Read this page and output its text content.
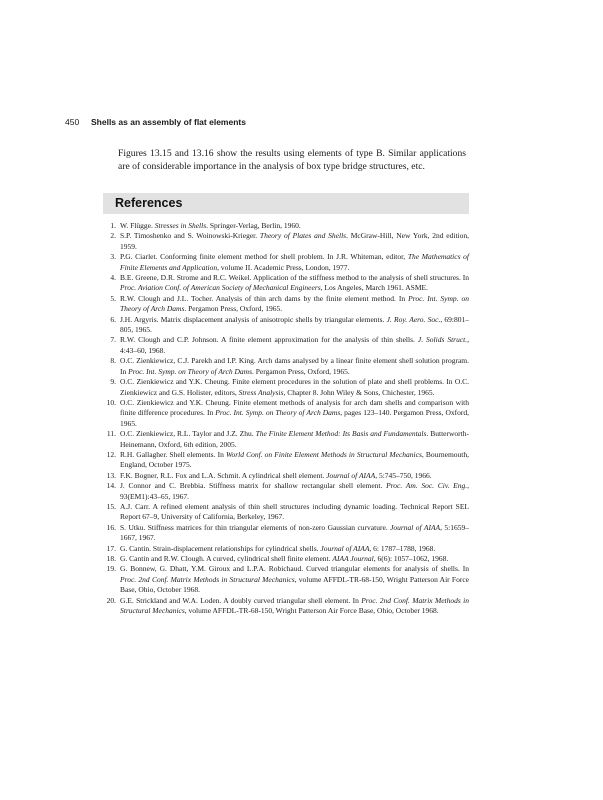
450 Shells as an assembly of flat elements

Figures 13.15 and 13.16 show the results using elements of type B. Similar applications are of considerable importance in the analysis of box type bridge structures, etc.

References
1. W. Flügge. Stresses in Shells. Springer-Verlag, Berlin, 1960.
2. S.P. Timoshenko and S. Woinowski-Krieger. Theory of Plates and Shells. McGraw-Hill, New York, 2nd edition, 1959.
3. P.G. Ciarlet. Conforming finite element method for shell problem. In J.R. Whiteman, editor, The Mathematics of Finite Elements and Application, volume II. Academic Press, London, 1977.
4. B.E. Greene, D.R. Strome and R.C. Weikel. Application of the stiffness method to the analysis of shell structures. In Proc. Aviation Conf. of American Society of Mechanical Engineers, Los Angeles, March 1961. ASME.
5. R.W. Clough and J.L. Tocher. Analysis of thin arch dams by the finite element method. In Proc. Int. Symp. on Theory of Arch Dams. Pergamon Press, Oxford, 1965.
6. J.H. Argyris. Matrix displacement analysis of anisotropic shells by triangular elements. J. Roy. Aero. Soc., 69:801–805, 1965.
7. R.W. Clough and C.P. Johnson. A finite element approximation for the analysis of thin shells. J. Solids Struct., 4:43–60, 1968.
8. O.C. Zienkiewicz, C.J. Parekh and I.P. King. Arch dams analysed by a linear finite element shell solution program. In Proc. Int. Symp. on Theory of Arch Dams. Pergamon Press, Oxford, 1965.
9. O.C. Zienkiewicz and Y.K. Cheung. Finite element procedures in the solution of plate and shell problems. In O.C. Zienkiewicz and G.S. Holister, editors, Stress Analysis, Chapter 8. John Wiley & Sons, Chichester, 1965.
10. O.C. Zienkiewicz and Y.K. Cheung. Finite element methods of analysis for arch dam shells and comparison with finite difference procedures. In Proc. Int. Symp. on Theory of Arch Dams, pages 123–140. Pergamon Press, Oxford, 1965.
11. O.C. Zienkiewicz, R.L. Taylor and J.Z. Zhu. The Finite Element Method: Its Basis and Fundamentals. Butterworth-Heinemann, Oxford, 6th edition, 2005.
12. R.H. Gallagher. Shell elements. In World Conf. on Finite Element Methods in Structural Mechanics, Bournemouth, England, October 1975.
13. F.K. Bogner, R.L. Fox and L.A. Schmit. A cylindrical shell element. Journal of AIAA, 5:745–750, 1966.
14. J. Connor and C. Brebbia. Stiffness matrix for shallow rectangular shell element. Proc. Am. Soc. Civ. Eng., 93(EM1):43–65, 1967.
15. A.J. Carr. A refined element analysis of thin shell structures including dynamic loading. Technical Report SEL Report 67–9, University of California, Berkeley, 1967.
16. S. Utku. Stiffness matrices for thin triangular elements of non-zero Gaussian curvature. Journal of AIAA, 5:1659–1667, 1967.
17. G. Cantin. Strain-displacement relationships for cylindrical shells. Journal of AIAA, 6: 1787–1788, 1968.
18. G. Cantin and R.W. Clough. A curved, cylindrical shell finite element. AIAA Journal, 6(6): 1057–1062, 1968.
19. G. Bonnew, G. Dhatt, Y.M. Giroux and L.P.A. Robichaud. Curved triangular elements for analysis of shells. In Proc. 2nd Conf. Matrix Methods in Structural Mechanics, volume AFFDL-TR-68-150, Wright Patterson Air Force Base, Ohio, October 1968.
20. G.E. Strickland and W.A. Loden. A doubly curved triangular shell element. In Proc. 2nd Conf. Matrix Methods in Structural Mechanics, volume AFFDL-TR-68-150, Wright Patterson Air Force Base, Ohio, October 1968.
